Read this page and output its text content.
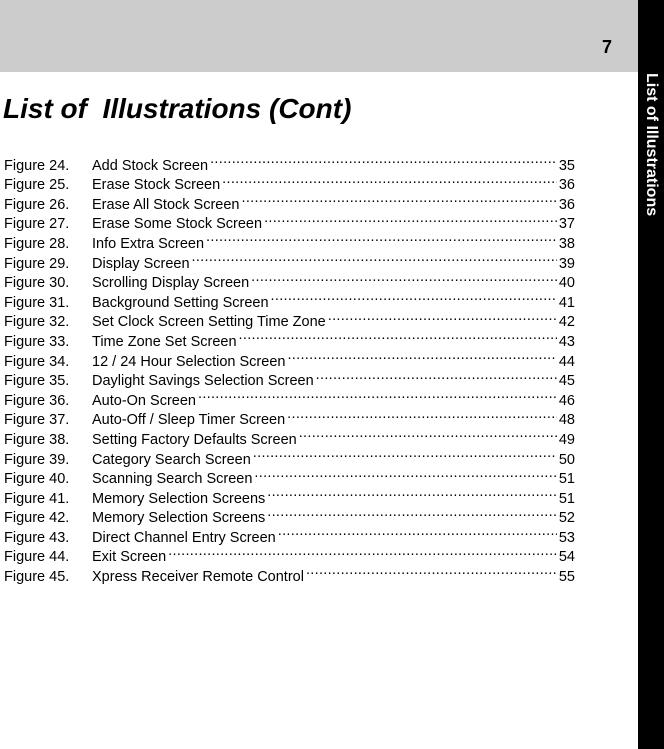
7
List of Illustrations
List of  Illustrations (Cont)
Figure 24.	Add Stock Screen .....	35
Figure 25.	Erase Stock Screen .....	36
Figure 26.	Erase All Stock Screen .....	36
Figure 27.	Erase Some Stock Screen .....	37
Figure 28.	Info Extra Screen .....	38
Figure 29.	Display Screen .....	39
Figure 30.	Scrolling Display Screen .....	40
Figure 31.	Background Setting Screen .....	41
Figure 32.	Set Clock Screen Setting Time Zone .....	42
Figure 33.	Time Zone Set Screen .....	43
Figure 34.	12 / 24 Hour Selection Screen .....	44
Figure 35.	Daylight Savings Selection Screen .....	45
Figure 36.	Auto-On Screen .....	46
Figure 37.	Auto-Off / Sleep Timer Screen .....	48
Figure 38.	Setting Factory Defaults Screen .....	49
Figure 39.	Category Search Screen .....	50
Figure 40.	Scanning Search Screen .....	51
Figure 41.	Memory Selection Screens .....	51
Figure 42.	Memory Selection Screens .....	52
Figure 43.	Direct Channel Entry Screen .....	53
Figure 44.	Exit Screen .....	54
Figure 45.	Xpress Receiver Remote Control .....	55
